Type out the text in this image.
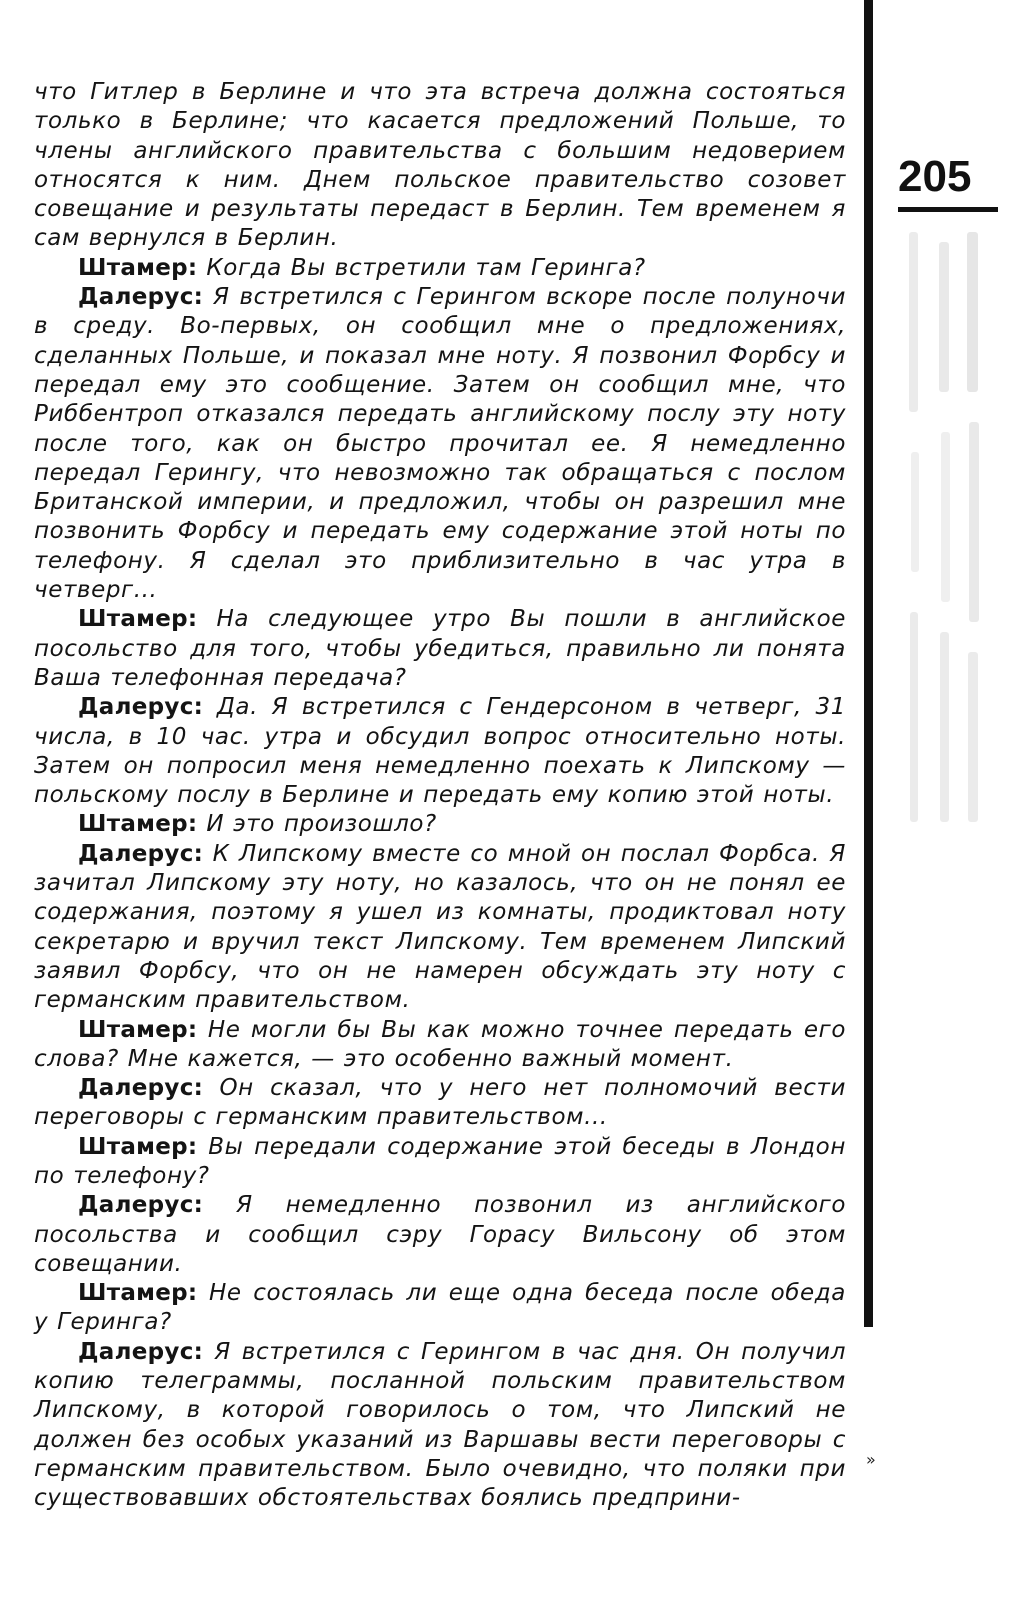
что Гитлер в Берлине и что эта встреча должна состояться только в Берлине; что касается предложений Польше, то члены английского правительства с большим недоверием относятся к ним. Днем польское правительство созовет совещание и результаты передаст в Берлин. Тем временем я сам вернулся в Берлин.

Штамер: Когда Вы встретили там Геринга?

Далерус: Я встретился с Герингом вскоре после полуночи в среду. Во-первых, он сообщил мне о предложениях, сделанных Польше, и показал мне ноту. Я позвонил Форбсу и передал ему это сообщение. Затем он сообщил мне, что Риббентроп отказался передать английскому послу эту ноту после того, как он быстро прочитал ее. Я немедленно передал Герингу, что невозможно так обращаться с послом Британской империи, и предложил, чтобы он разрешил мне позвонить Форбсу и передать ему содержание этой ноты по телефону. Я сделал это приблизительно в час утра в четверг...

Штамер: На следующее утро Вы пошли в английское посольство для того, чтобы убедиться, правильно ли понята Ваша телефонная передача?

Далерус: Да. Я встретился с Гендерсоном в четверг, 31 числа, в 10 час. утра и обсудил вопрос относительно ноты. Затем он попросил меня немедленно поехать к Липскому — польскому послу в Берлине и передать ему копию этой ноты.

Штамер: И это произошло?

Далерус: К Липскому вместе со мной он послал Форбса. Я зачитал Липскому эту ноту, но казалось, что он не понял ее содержания, поэтому я ушел из комнаты, продиктовал ноту секретарю и вручил текст Липскому. Тем временем Липский заявил Форбсу, что он не намерен обсуждать эту ноту с германским правительством.

Штамер: Не могли бы Вы как можно точнее передать его слова? Мне кажется, — это особенно важный момент.

Далерус: Он сказал, что у него нет полномочий вести переговоры с германским правительством...

Штамер: Вы передали содержание этой беседы в Лондон по телефону?

Далерус: Я немедленно позвонил из английского посольства и сообщил сэру Горасу Вильсону об этом совещании.

Штамер: Не состоялась ли еще одна беседа после обеда у Геринга?

Далерус: Я встретился с Герингом в час дня. Он получил копию телеграммы, посланной польским правительством Липскому, в которой говорилось о том, что Липский не должен без особых указаний из Варшавы вести переговоры с германским правительством. Было очевидно, что поляки при существовавших обстоятельствах боялись предприни-

205
»
